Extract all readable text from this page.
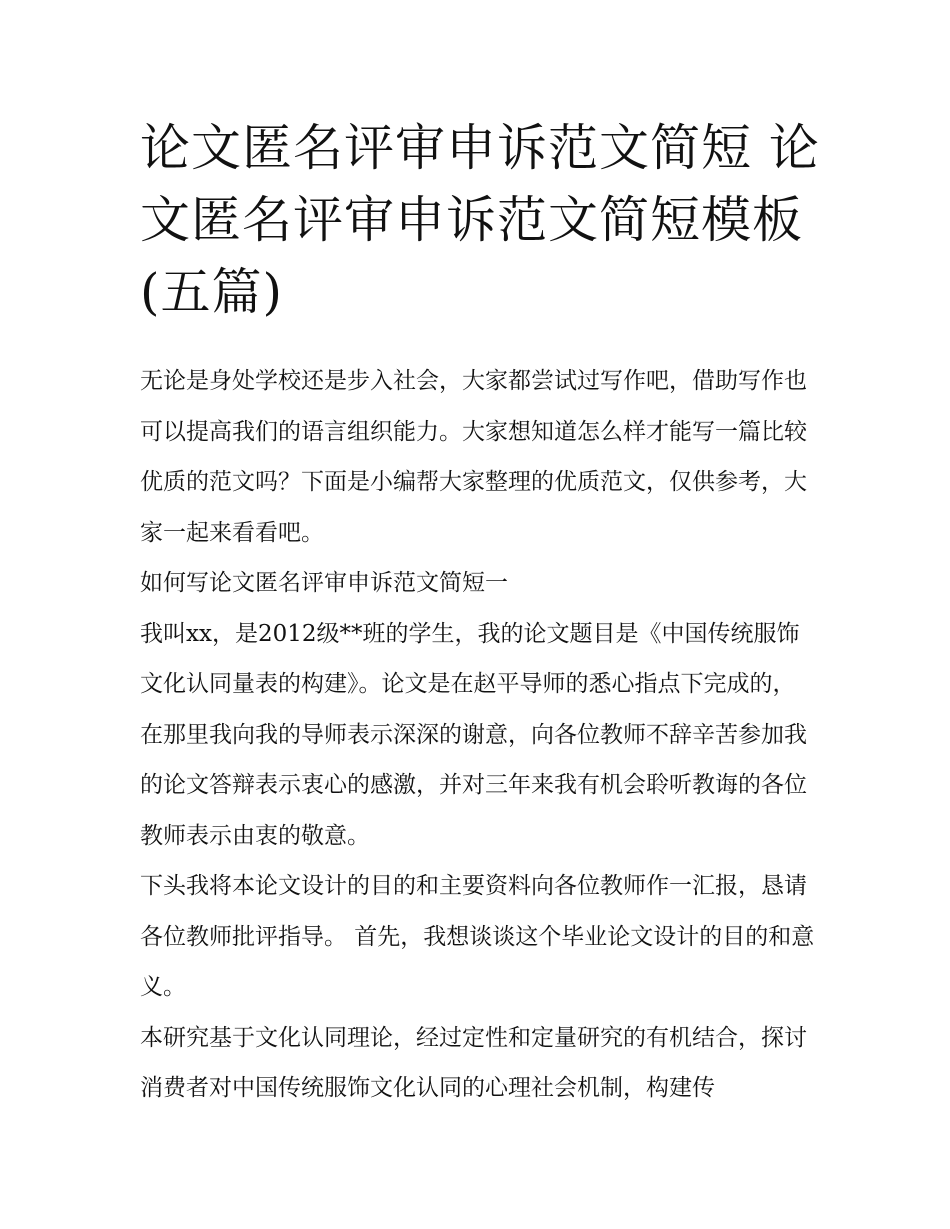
论文匿名评审申诉范文简短 论文匿名评审申诉范文简短模板(五篇)

无论是身处学校还是步入社会，大家都尝试过写作吧，借助写作也可以提高我们的语言组织能力。大家想知道怎么样才能写一篇比较优质的范文吗？下面是小编帮大家整理的优质范文，仅供参考，大家一起来看看吧。

如何写论文匿名评审申诉范文简短一

我叫xx，是2012级**班的学生，我的论文题目是《中国传统服饰文化认同量表的构建》。论文是在赵平导师的悉心指点下完成的，在那里我向我的导师表示深深的谢意，向各位教师不辞辛苦参加我的论文答辩表示衷心的感激，并对三年来我有机会聆听教诲的各位教师表示由衷的敬意。

下头我将本论文设计的目的和主要资料向各位教师作一汇报，恳请各位教师批评指导。 首先，我想谈谈这个毕业论文设计的目的和意义。

本研究基于文化认同理论，经过定性和定量研究的有机结合，探讨消费者对中国传统服饰文化认同的心理社会机制，构建传
